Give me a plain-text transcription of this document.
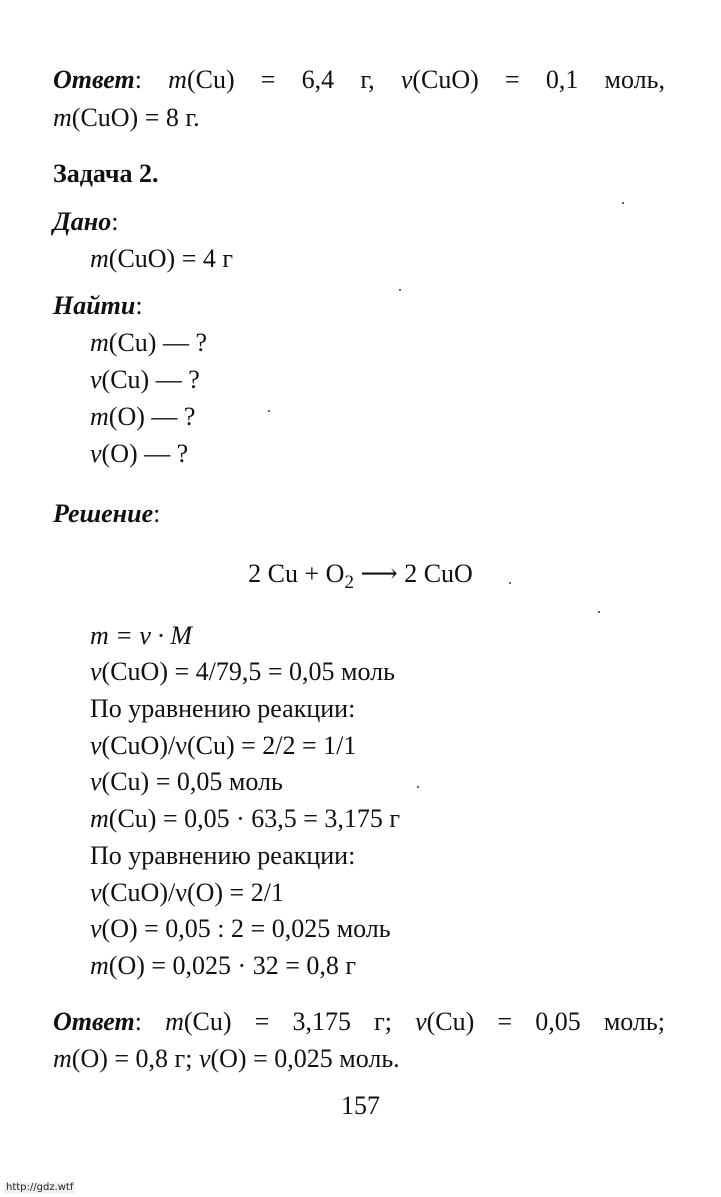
Ответ: m(Cu) = 6,4 г, ν(CuO) = 0,1 моль,
m(CuO) = 8 г.
Задача 2.
Дано:
m(CuO) = 4 г
Найти:
m(Cu) — ?
ν(Cu) — ?
m(O) — ?
ν(O) — ?
Решение:
2 $Cu + O_2$ ⟶ 2 CuO
m = ν · M
ν(CuO) = 4/79,5 = 0,05 моль
По уравнению реакции:
ν(CuO)/ν(Cu) = 2/2 = 1/1
ν(Cu) = 0,05 моль
m(Cu) = 0,05 · 63,5 = 3,175 г
По уравнению реакции:
ν(CuO)/ν(O) = 2/1
ν(O) = 0,05 : 2 = 0,025 моль
m(O) = 0,025 · 32 = 0,8 г
Ответ: m(Cu) = 3,175 г; ν(Cu) = 0,05 моль;
m(O) = 0,8 г; ν(O) = 0,025 моль.
157
http://gdz.wtf
